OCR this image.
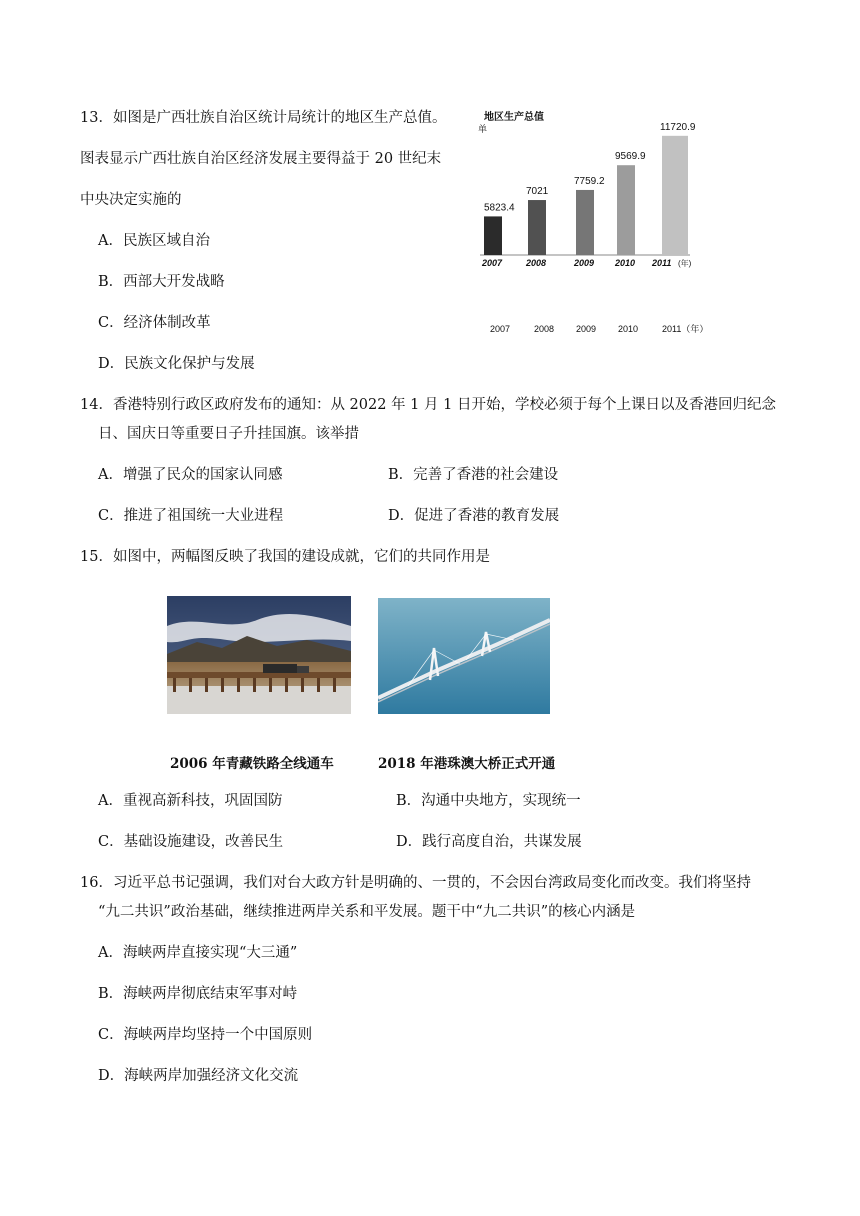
13．如图是广西壮族自治区统计局统计的地区生产总值。
图表显示广西壮族自治区经济发展主要得益于 20 世纪末
中央决定实施的
A．民族区域自治
B．西部大开发战略
C．经济体制改革
D．民族文化保护与发展
地区生产总值
单
5823.4
7021
7759.2
9569.9
11720.9
2007	2008	2009 2010 2011 (年)
2007	2008 2009 2010	2011（年）
14．香港特别行政区政府发布的通知：从 2022 年 1 月 1 日开始，学校必须于每个上课日以及香港回归纪念
日、国庆日等重要日子升挂国旗。该举措
A．增强了民众的国家认同感	B．完善了香港的社会建设
C．推进了祖国统一大业进程	D．促进了香港的教育发展
15．如图中，两幅图反映了我国的建设成就，它们的共同作用是
2006 年青藏铁路全线通车	2018 年港珠澳大桥正式开通
A．重视高新科技，巩固国防	B．沟通中央地方，实现统一
C．基础设施建设，改善民生	D．践行高度自治，共谋发展
16．习近平总书记强调，我们对台大政方针是明确的、一贯的，不会因台湾政局变化而改变。我们将坚持
“九二共识”政治基础，继续推进两岸关系和平发展。题干中“九二共识”的核心内涵是
A．海峡两岸直接实现“大三通”
B．海峡两岸彻底结束军事对峙
C．海峡两岸均坚持一个中国原则
D．海峡两岸加强经济文化交流
